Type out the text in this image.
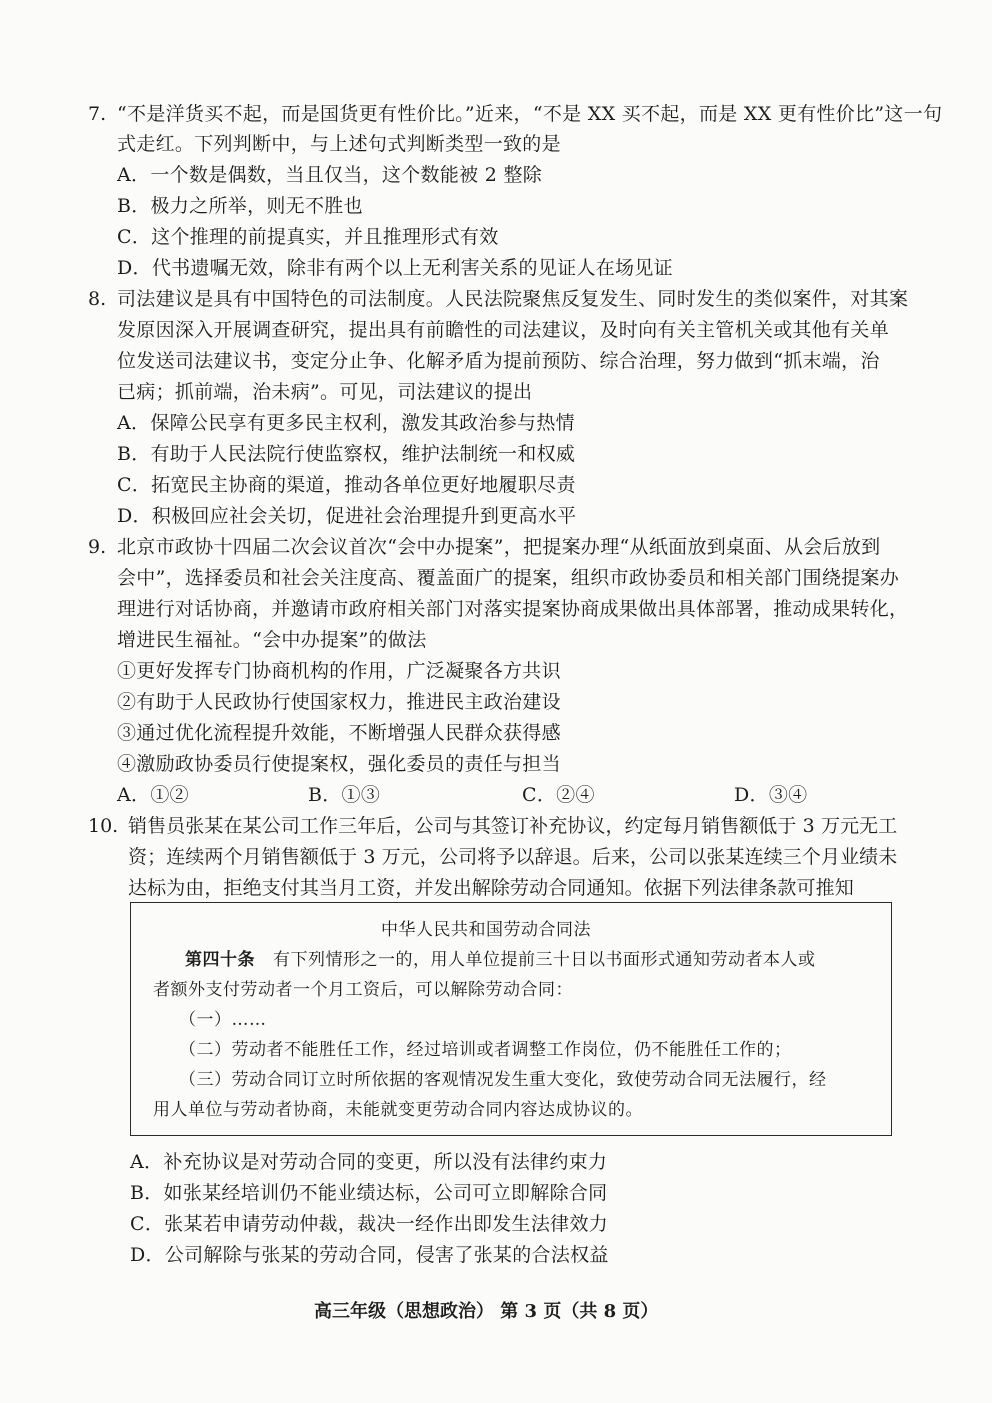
7. “不是洋货买不起，而是国货更有性价比。”近来，“不是 XX 买不起，而是 XX 更有性价比”这一句
式走红。下列判断中，与上述句式判断类型一致的是
A．一个数是偶数，当且仅当，这个数能被 2 整除
B．极力之所举，则无不胜也
C．这个推理的前提真实，并且推理形式有效
D．代书遗嘱无效，除非有两个以上无利害关系的见证人在场见证
8. 司法建议是具有中国特色的司法制度。人民法院聚焦反复发生、同时发生的类似案件，对其案
发原因深入开展调查研究，提出具有前瞻性的司法建议，及时向有关主管机关或其他有关单
位发送司法建议书，变定分止争、化解矛盾为提前预防、综合治理，努力做到“抓末端，治
已病；抓前端，治未病”。可见，司法建议的提出
A．保障公民享有更多民主权利，激发其政治参与热情
B．有助于人民法院行使监察权，维护法制统一和权威
C．拓宽民主协商的渠道，推动各单位更好地履职尽责
D．积极回应社会关切，促进社会治理提升到更高水平
9. 北京市政协十四届二次会议首次“会中办提案”，把提案办理“从纸面放到桌面、从会后放到
会中”，选择委员和社会关注度高、覆盖面广的提案，组织市政协委员和相关部门围绕提案办
理进行对话协商，并邀请市政府相关部门对落实提案协商成果做出具体部署，推动成果转化，
增进民生福祉。“会中办提案”的做法
①更好发挥专门协商机构的作用，广泛凝聚各方共识
②有助于人民政协行使国家权力，推进民主政治建设
③通过优化流程提升效能，不断增强人民群众获得感
④激励政协委员行使提案权，强化委员的责任与担当
A．①②	B．①③	C．②④	D．③④
10. 销售员张某在某公司工作三年后，公司与其签订补充协议，约定每月销售额低于 3 万元无工
资；连续两个月销售额低于 3 万元，公司将予以辞退。后来，公司以张某连续三个月业绩未
达标为由，拒绝支付其当月工资，并发出解除劳动合同通知。依据下列法律条款可推知
中华人民共和国劳动合同法
第四十条 有下列情形之一的，用人单位提前三十日以书面形式通知劳动者本人或
者额外支付劳动者一个月工资后，可以解除劳动合同：
（一）……
（二）劳动者不能胜任工作，经过培训或者调整工作岗位，仍不能胜任工作的；
（三）劳动合同订立时所依据的客观情况发生重大变化，致使劳动合同无法履行，经
用人单位与劳动者协商，未能就变更劳动合同内容达成协议的。
A．补充协议是对劳动合同的变更，所以没有法律约束力
B．如张某经培训仍不能业绩达标，公司可立即解除合同
C．张某若申请劳动仲裁，裁决一经作出即发生法律效力
D．公司解除与张某的劳动合同，侵害了张某的合法权益
高三年级（思想政治） 第 3 页（共 8 页）
